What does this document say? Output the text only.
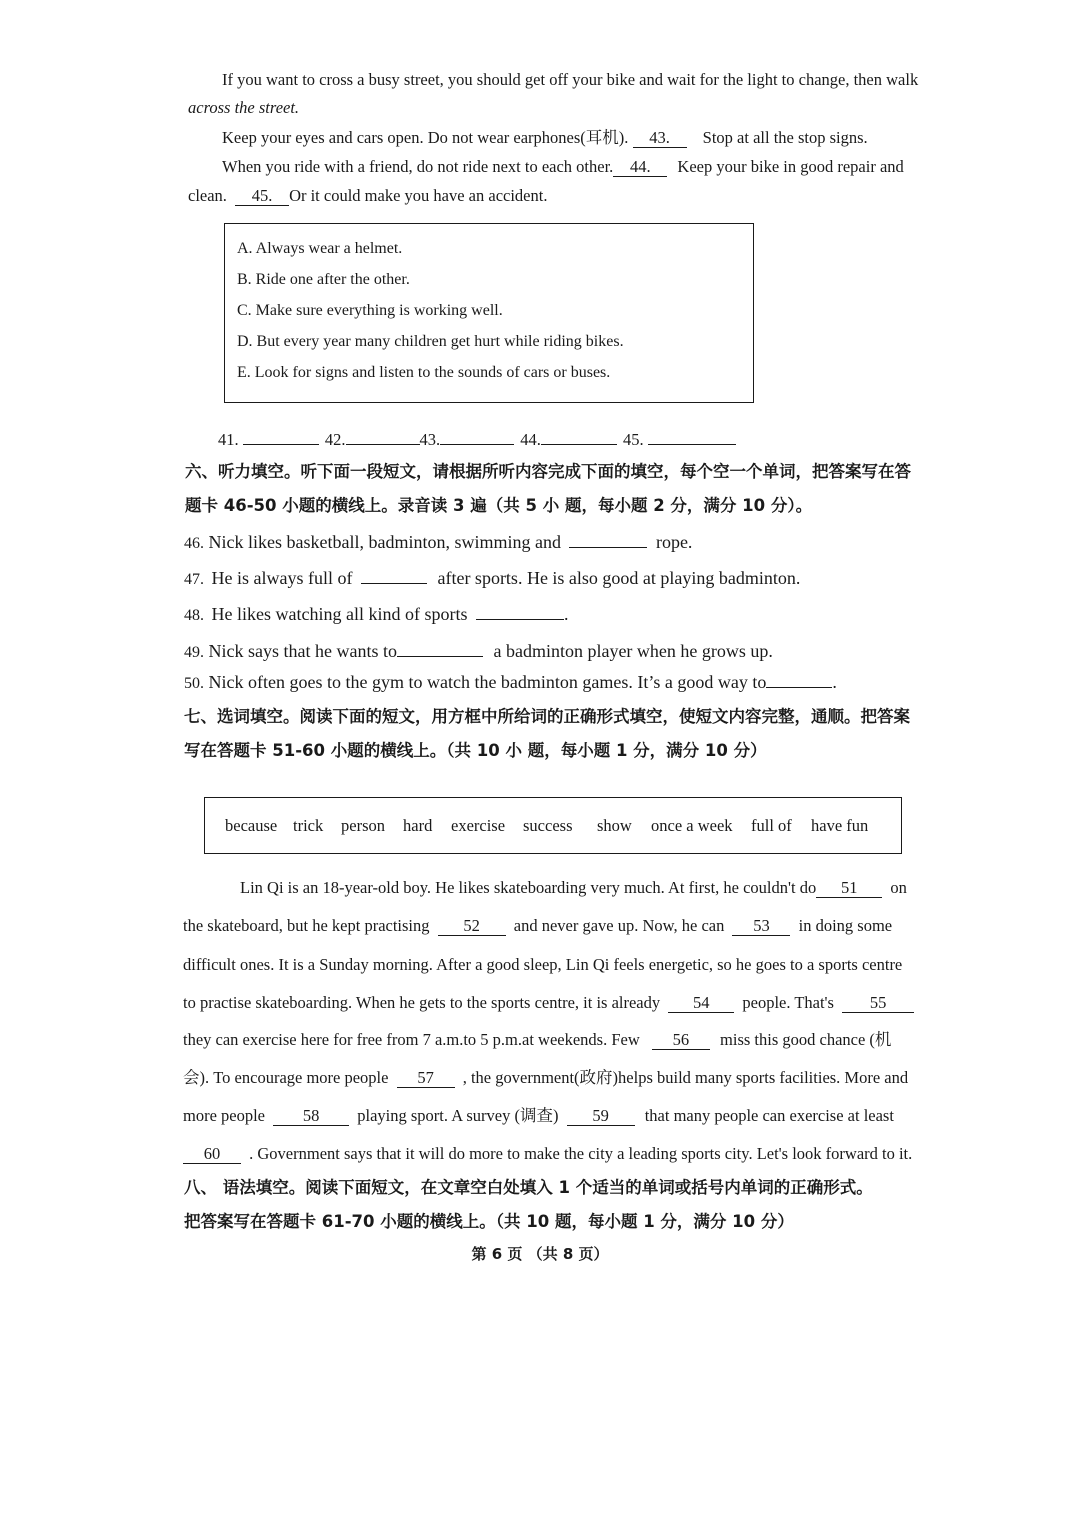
If you want to cross a busy street, you should get off your bike and wait for the light to change, then walk
across the street.
Keep your eyes and cars open. Do not wear earphones(耳机). 43. Stop at all the stop signs.
When you ride with a friend, do not ride next to each other. 44. Keep your bike in good repair and
clean. 45. Or it could make you have an accident.
A. Always wear a helmet.
B. Ride one after the other.
C. Make sure everything is working well.
D. But every year many children get hurt while riding bikes.
E. Look for signs and listen to the sounds of cars or buses.
41.	42.	43.	44.	45.
六、听力填空。听下面一段短文，请根据所听内容完成下面的填空，每个空一个单词，把答案写在答
题卡 46-50 小题的横线上。录音读 3 遍（共 5 小 题，每小题 2 分，满分 10 分）。
46. Nick likes basketball, badminton, swimming and	rope.
47. He is always full of	after sports. He is also good at playing badminton.
48. He likes watching all kind of sports	.
49. Nick says that he wants to	a badminton player when he grows up.
50. Nick often goes to the gym to watch the badminton games. It’s a good way to	.
七、选词填空。阅读下面的短文，用方框中所给词的正确形式填空，使短文内容完整，通顺。把答案
写在答题卡 51-60 小题的横线上。（共 10 小 题，每小题 1 分，满分 10 分）
because trick person hard exercise success show once a week full of have fun
Lin Qi is an 18-year-old boy. He likes skateboarding very much. At first, he couldn't do 51 on
the skateboard, but he kept practising 52 and never gave up. Now, he can 53 in doing some
difficult ones. It is a Sunday morning. After a good sleep, Lin Qi feels energetic, so he goes to a sports centre
to practise skateboarding. When he gets to the sports centre, it is already 54 people. That's 55
they can exercise here for free from 7 a.m.to 5 p.m.at weekends. Few 56 miss this good chance (机
会). To encourage more people 57 , the government(政府)helps build many sports facilities. More and
more people 58 playing sport. A survey (调查) 59 that many people can exercise at least
60 . Government says that it will do more to make the city a leading sports city. Let's look forward to it.
八、 语法填空。阅读下面短文，在文章空白处填入 1 个适当的单词或括号内单词的正确形式。
把答案写在答题卡 61-70 小题的横线上。（共 10 题，每小题 1 分，满分 10 分）
第 6 页 （共 8 页）
